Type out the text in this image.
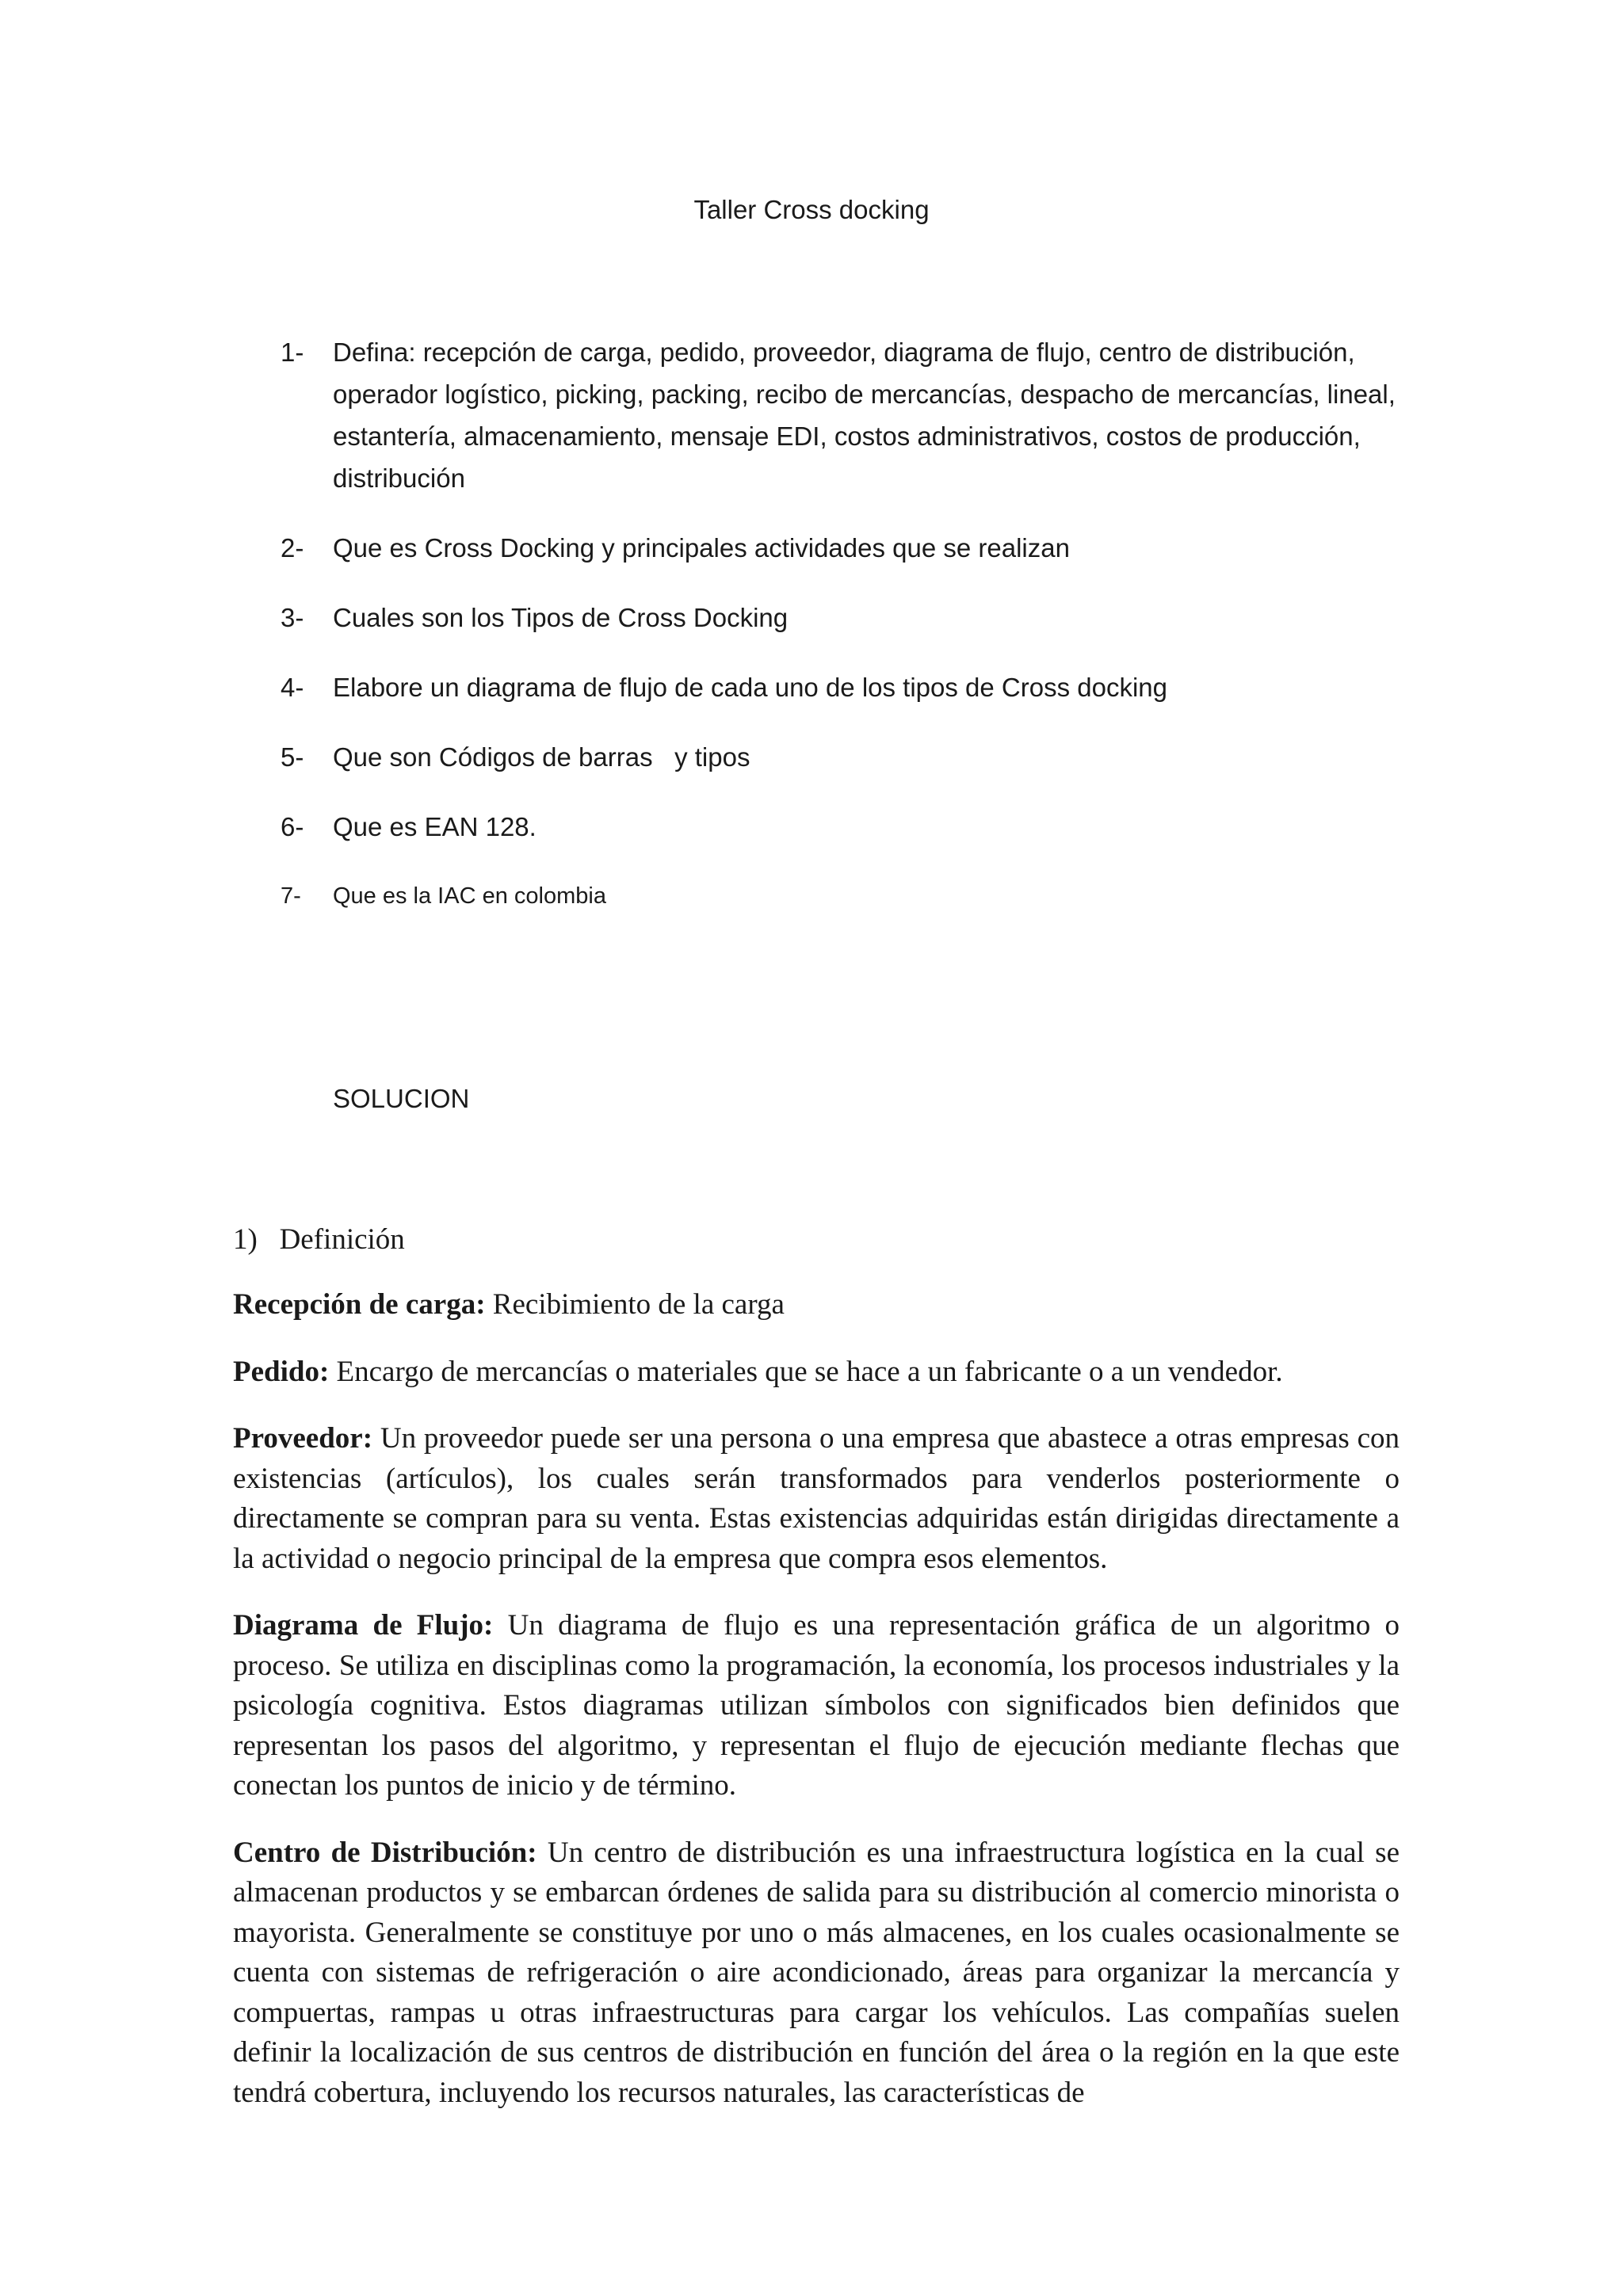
Taller Cross docking
1-	Defina: recepción de carga, pedido, proveedor, diagrama de flujo, centro de distribución, operador logístico, picking, packing, recibo de mercancías, despacho de mercancías, lineal, estantería, almacenamiento, mensaje EDI, costos administrativos, costos de producción, distribución
2-	Que es Cross Docking y principales actividades que se realizan
3-	Cuales son los Tipos de Cross Docking
4-	Elabore un diagrama de flujo de cada uno de los tipos de Cross docking
5-	Que son Códigos de barras   y tipos
6-	Que es EAN 128.
7-	Que es la IAC en colombia
SOLUCION
1)   Definición

Recepción de carga: Recibimiento de la carga

Pedido: Encargo de mercancías o materiales que se hace a un fabricante o a un vendedor.

Proveedor: Un proveedor puede ser una persona o una empresa que abastece a otras empresas con existencias (artículos), los cuales serán transformados para venderlos posteriormente o directamente se compran para su venta. Estas existencias adquiridas están dirigidas directamente a la actividad o negocio principal de la empresa que compra esos elementos.

Diagrama de Flujo: Un diagrama de flujo es una representación gráfica de un algoritmo o proceso. Se utiliza en disciplinas como la programación, la economía, los procesos industriales y la psicología cognitiva. Estos diagramas utilizan símbolos con significados bien definidos que representan los pasos del algoritmo, y representan el flujo de ejecución mediante flechas que conectan los puntos de inicio y de término.

Centro de Distribución: Un centro de distribución es una infraestructura logística en la cual se almacenan productos y se embarcan órdenes de salida para su distribución al comercio minorista o mayorista. Generalmente se constituye por uno o más almacenes, en los cuales ocasionalmente se cuenta con sistemas de refrigeración o aire acondicionado, áreas para organizar la mercancía y compuertas, rampas u otras infraestructuras para cargar los vehículos. Las compañías suelen definir la localización de sus centros de distribución en función del área o la región en la que este tendrá cobertura, incluyendo los recursos naturales, las características de
